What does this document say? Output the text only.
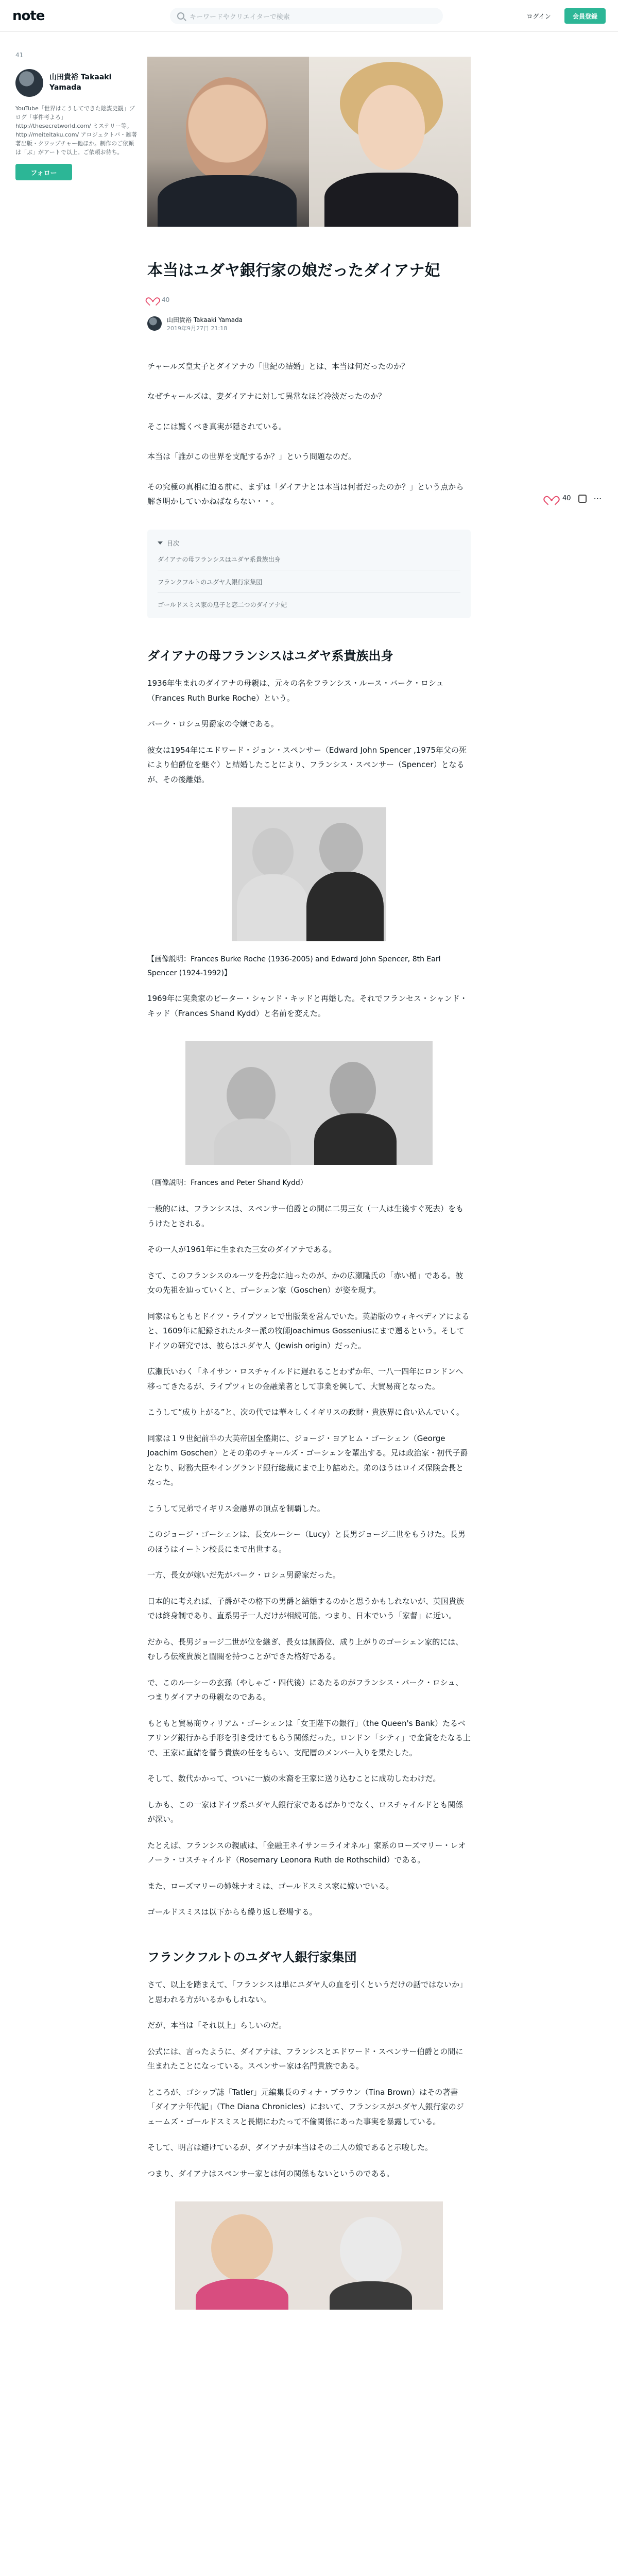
note	キーワードやクリエイターで検索	ログイン	会員登録
41
山田貴裕 Takaaki Yamada
YouTube「世界はこうしてできた陰謀史観」ブログ「事件考よろ」http://thesecretworld.com/ ミステリー等。http://meiteitaku.com/ アロジェクトバ・雑著著出版・クワップチャー他ほか。制作のご依頼は「ぶ」がアートで以上。ご依頼お待ち。
フォロー
40	⋯
本当はユダヤ銀行家の娘だったダイアナ妃
40
山田貴裕 Takaaki Yamada
2019年9月27日 21:18
チャールズ皇太子とダイアナの「世紀の結婚」とは、本当は何だったのか？
なぜチャールズは、妻ダイアナに対して異常なほど冷淡だったのか？
そこには驚くべき真実が隠されている。
本当は「誰がこの世界を支配するか？」という問題なのだ。
その究極の真相に迫る前に、まずは「ダイアナとは本当は何者だったのか？」という点から解き明かしていかねばならない・・。
目次
ダイアナの母フランシスはユダヤ系貴族出身
フランクフルトのユダヤ人銀行家集団
ゴールドスミス家の息子と恋二つのダイアナ妃
ダイアナの母フランシスはユダヤ系貴族出身
1936年生まれのダイアナの母親は、元々の名をフランシス・ルース・バーク・ロシュ（Frances Ruth Burke Roche）という。
バーク・ロシュ男爵家の令嬢である。
彼女は1954年にエドワード・ジョン・スペンサー（Edward John Spencer ,1975年父の死により伯爵位を継ぐ）と結婚したことにより、フランシス・スペンサー（Spencer）となるが、その後離婚。
【画像説明：Frances Burke Roche (1936-2005) and Edward John Spencer, 8th Earl Spencer (1924-1992)】
1969年に実業家のピーター・シャンド・キッドと再婚した。それでフランセス・シャンド・キッド（Frances Shand Kydd）と名前を変えた。
（画像説明：Frances and Peter Shand Kydd）
一般的には、フランシスは、スペンサー伯爵との間に二男三女（一人は生後すぐ死去）をもうけたとされる。
その一人が1961年に生まれた三女のダイアナである。
さて、このフランシスのルーツを丹念に辿ったのが、かの広瀬隆氏の「赤い楯」である。彼女の先祖を辿っていくと、ゴーシェン家（Goschen）が姿を現す。
同家はもともとドイツ・ライプツィヒで出版業を営んでいた。英語版のウィキペディアによると、1609年に記録されたルター派の牧師Joachimus Gosseniusにまで遡るという。そしてドイツの研究では、彼らはユダヤ人（Jewish origin）だった。
広瀬氏いわく「ネイサン・ロスチャイルドに遅れることわずか年、一八一四年にロンドンへ移ってきたるが、ライプツィヒの金融業者として事業を興して、大貿易商となった。
こうして“成り上がる”と、次の代では華々しくイギリスの政財・貴族界に食い込んでいく。
同家は１９世紀前半の大英帝国全盛期に、ジョージ・ヨアヒム・ゴーシェン（George Joachim Goschen）とその弟のチャールズ・ゴーシェンを輩出する。兄は政治家・初代子爵となり、財務大臣やイングランド銀行総裁にまで上り詰めた。弟のほうはロイズ保険会長となった。
こうして兄弟でイギリス金融界の頂点を制覇した。
このジョージ・ゴーシェンは、長女ルーシー（Lucy）と長男ジョージ二世をもうけた。長男のほうはイートン校長にまで出世する。
一方、長女が嫁いだ先がバーク・ロシュ男爵家だった。
日本的に考えれば、子爵がその格下の男爵と結婚するのかと思うかもしれないが、英国貴族では終身制であり、直系男子一人だけが相続可能。つまり、日本でいう「家督」に近い。
だから、長男ジョージ二世が位を継ぎ、長女は無爵位、成り上がりのゴーシェン家的には、むしろ伝統貴族と閨閥を持つことができた格好である。
で、このルーシーの玄孫（やしゃご・四代後）にあたるのがフランシス・バーク・ロシュ、つまりダイアナの母親なのである。
もともと貿易商ウィリアム・ゴーシェンは「女王陛下の銀行」（the Queen's Bank）たるベアリング銀行から手形を引き受けてもらう関係だった。ロンドン「シティ」で金貸をたなる上で、王家に直結を誓う貴族の任をもらい、支配層のメンバー入りを果たした。
そして、数代かかって、ついに一族の末裔を王家に送り込むことに成功したわけだ。
しかも、この一家はドイツ系ユダヤ人銀行家であるばかりでなく、ロスチャイルドとも関係が深い。
たとえば、フランシスの親戚は、「金融王ネイサン＝ライオネル」家系のローズマリー・レオノーラ・ロスチャイルド（Rosemary Leonora Ruth de Rothschild）である。
また、ローズマリーの姉妹ナオミは、ゴールドスミス家に嫁いでいる。
ゴールドスミスは以下からも繰り返し登場する。
フランクフルトのユダヤ人銀行家集団
さて、以上を踏まえて、「フランシスは単にユダヤ人の血を引くというだけの話ではないか」と思われる方がいるかもしれない。
だが、本当は「それ以上」らしいのだ。
公式には、言ったように、ダイアナは、フランシスとエドワード・スペンサー伯爵との間に生まれたことになっている。スペンサー家は名門貴族である。
ところが、ゴシップ誌「Tatler」元編集長のティナ・ブラウン（Tina Brown）はその著書「ダイアナ年代記」（The Diana Chronicles）において、フランシスがユダヤ人銀行家のジェームズ・ゴールドスミスと長期にわたって不倫関係にあった事実を暴露している。
そして、明言は避けているが、ダイアナが本当はその二人の娘であると示唆した。
つまり、ダイアナはスペンサー家とは何の関係もないというのである。
